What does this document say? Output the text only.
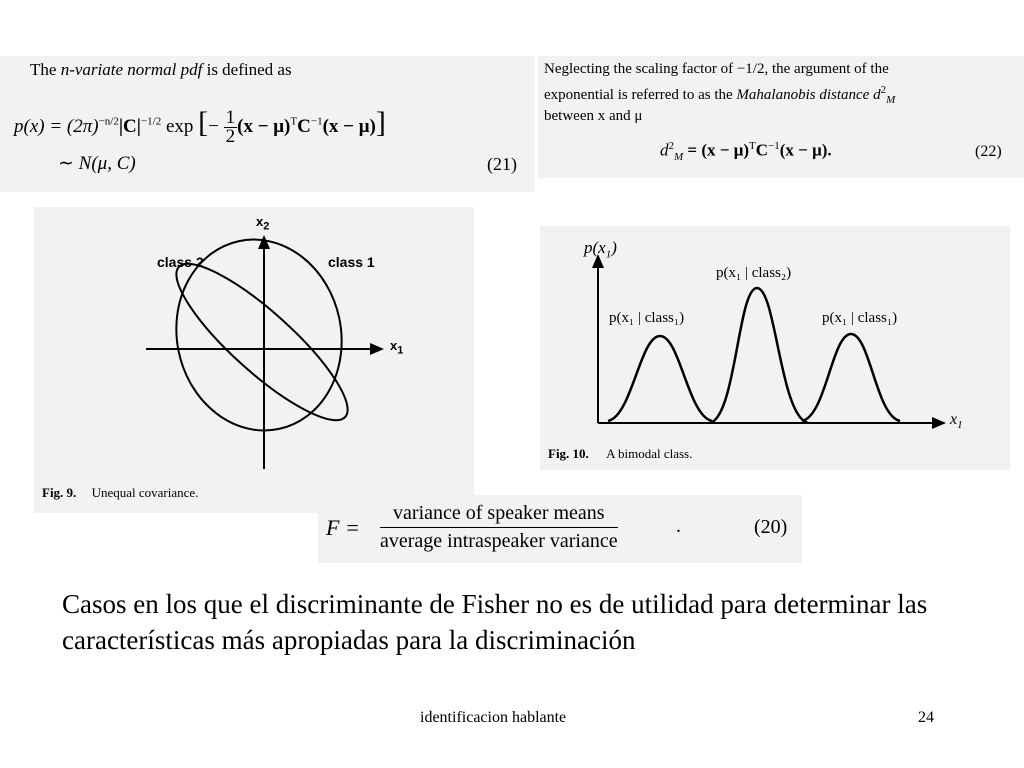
The n-variate normal pdf is defined as
$p(x) = (2\pi)^{-n/2}|C|^{-1/2}$ exp [− $\frac{1}{2} (x - \mu)^TC^{-1}(x - \mu)$]
∼ N(μ, C)	(21)
Neglecting the scaling factor of −1/2, the argument of the
exponential is referred to as the Mahalanobis distance $d^2_M$
between x and μ
$d^2_M = (x - \mu)^TC^{-1}(x - \mu)$.	(22)
$x_2$
$x_1$
class 2	class 1
Fig. 9. Unequal covariance.
$p(x_1)$
p(x₁ | class₁)
p(x₁ | class₂)
p(x₁ | class₁)
$x_1$
Fig. 10. A bimodal class.
F =
variance of speaker means
average intraspeaker variance
.	(20)
Casos en los que el discriminante de Fisher no es de utilidad para determinar las características más apropiadas para la discriminación
identificacion hablante	24
